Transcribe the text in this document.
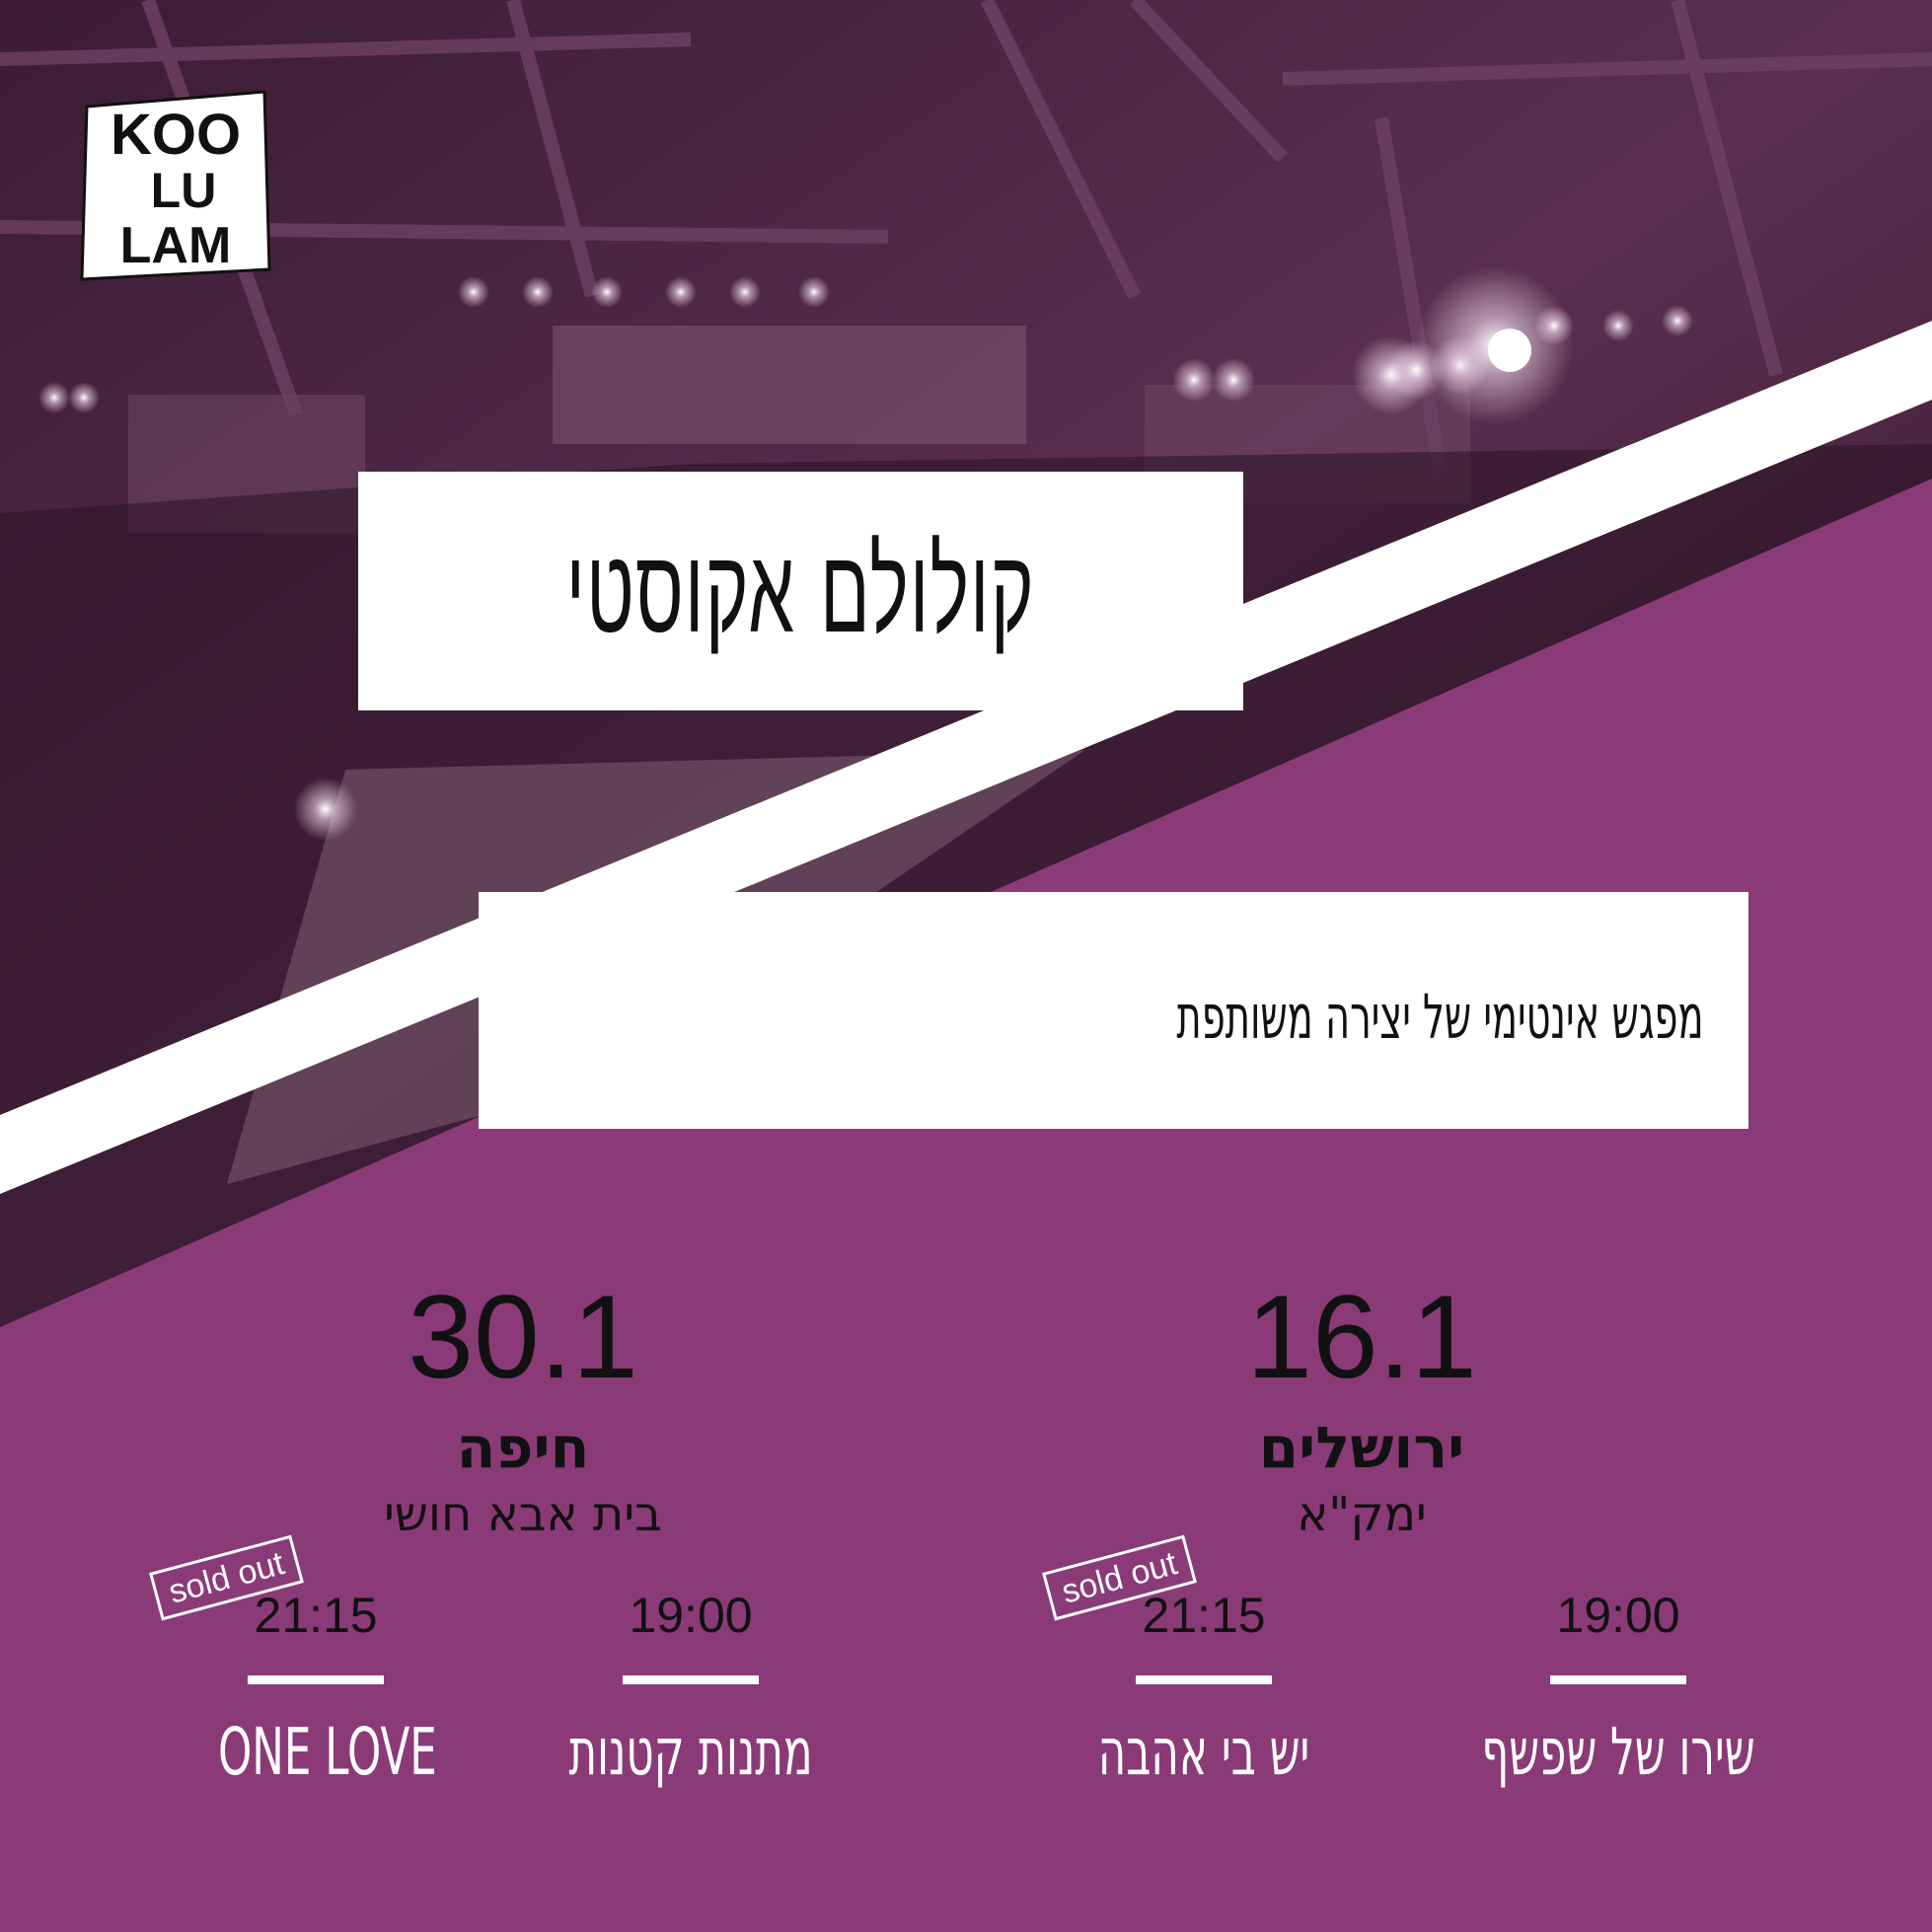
KOO
LU
LAM
קולולם אקוסטי
מפגש אינטימי של יצירה משותפת
30.1
חיפה
בית אבא חושי
16.1
ירושלים
ימק"א
21:15
ONE LOVE
sold out
19:00
מתנות קטנות
21:15
יש בי אהבה
sold out
19:00
שירו של שפשף
